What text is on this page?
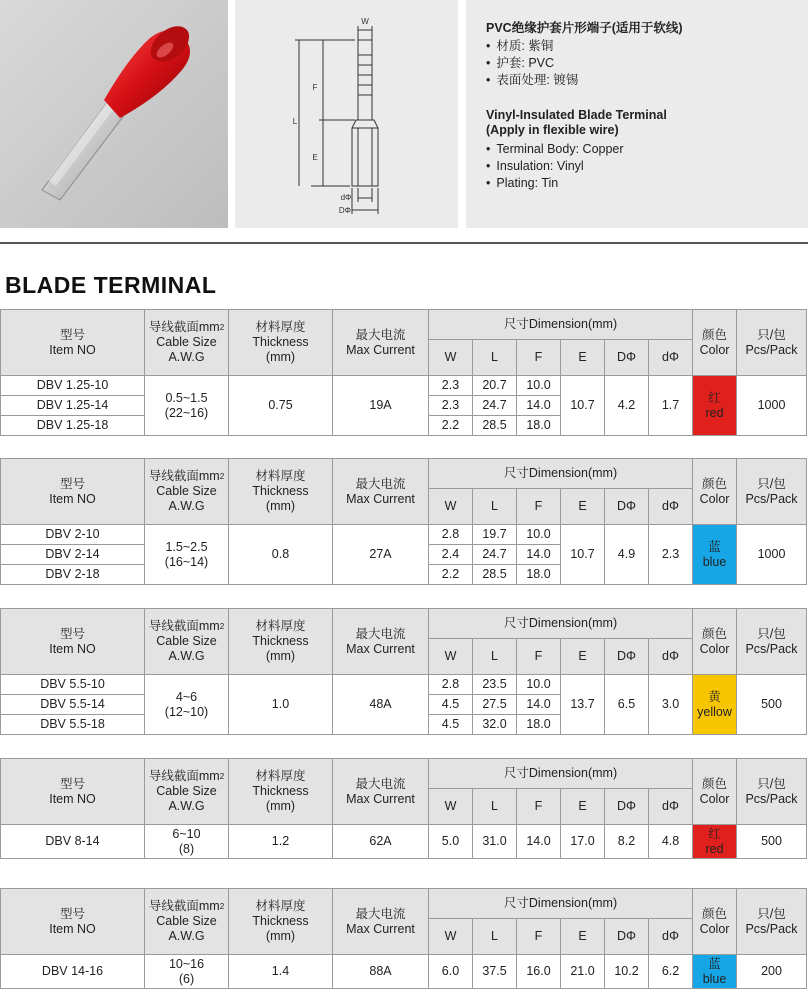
W
F
L
E
dΦ
DΦ
PVC绝缘护套片形端子(适用于软线)
• 材质: 紫铜
• 护套: PVC
• 表面处理: 镀锡
Vinyl-Insulated Blade Terminal
(Apply in flexible wire)
• Terminal Body: Copper
• Insulation: Vinyl
• Plating: Tin
BLADE TERMINAL
型号
Item NO	导线截面$mm^2$
Cable Size
A.W.G	材料厚度
Thickness
(mm)	最大电流
Max Current	尺寸Dimension(mm)						颜色
Color	只/包
Pcs/Pack
				W	L	F	E	DΦ	dΦ		
DBV 1.25-10	0.5~1.5
(22~16)	0.75	19A	2.3	20.7	10.0	10.7	4.2	1.7	红
red	1000
DBV 1.25-14				2.3	24.7	14.0					
DBV 1.25-18				2.2	28.5	18.0					
型号
Item NO	导线截面$mm^2$
Cable Size
A.W.G	材料厚度
Thickness
(mm)	最大电流
Max Current	尺寸Dimension(mm)						颜色
Color	只/包
Pcs/Pack
				W	L	F	E	DΦ	dΦ		
DBV 2-10	1.5~2.5
(16~14)	0.8	27A	2.8	19.7	10.0	10.7	4.9	2.3	蓝
blue	1000
DBV 2-14				2.4	24.7	14.0					
DBV 2-18				2.2	28.5	18.0					
型号
Item NO	导线截面$mm^2$
Cable Size
A.W.G	材料厚度
Thickness
(mm)	最大电流
Max Current	尺寸Dimension(mm)						颜色
Color	只/包
Pcs/Pack
				W	L	F	E	DΦ	dΦ		
DBV 5.5-10	4~6
(12~10)	1.0	48A	2.8	23.5	10.0	13.7	6.5	3.0	黄
yellow	500
DBV 5.5-14				4.5	27.5	14.0					
DBV 5.5-18				4.5	32.0	18.0					
型号
Item NO	导线截面$mm^2$
Cable Size
A.W.G	材料厚度
Thickness
(mm)	最大电流
Max Current	尺寸Dimension(mm)						颜色
Color	只/包
Pcs/Pack
				W	L	F	E	DΦ	dΦ		
DBV 8-14	6~10
(8)	1.2	62A	5.0	31.0	14.0	17.0	8.2	4.8	红
red	500
型号
Item NO	导线截面$mm^2$
Cable Size
A.W.G	材料厚度
Thickness
(mm)	最大电流
Max Current	尺寸Dimension(mm)						颜色
Color	只/包
Pcs/Pack
				W	L	F	E	DΦ	dΦ		
DBV 14-16	10~16
(6)	1.4	88A	6.0	37.5	16.0	21.0	10.2	6.2	蓝
blue	200
